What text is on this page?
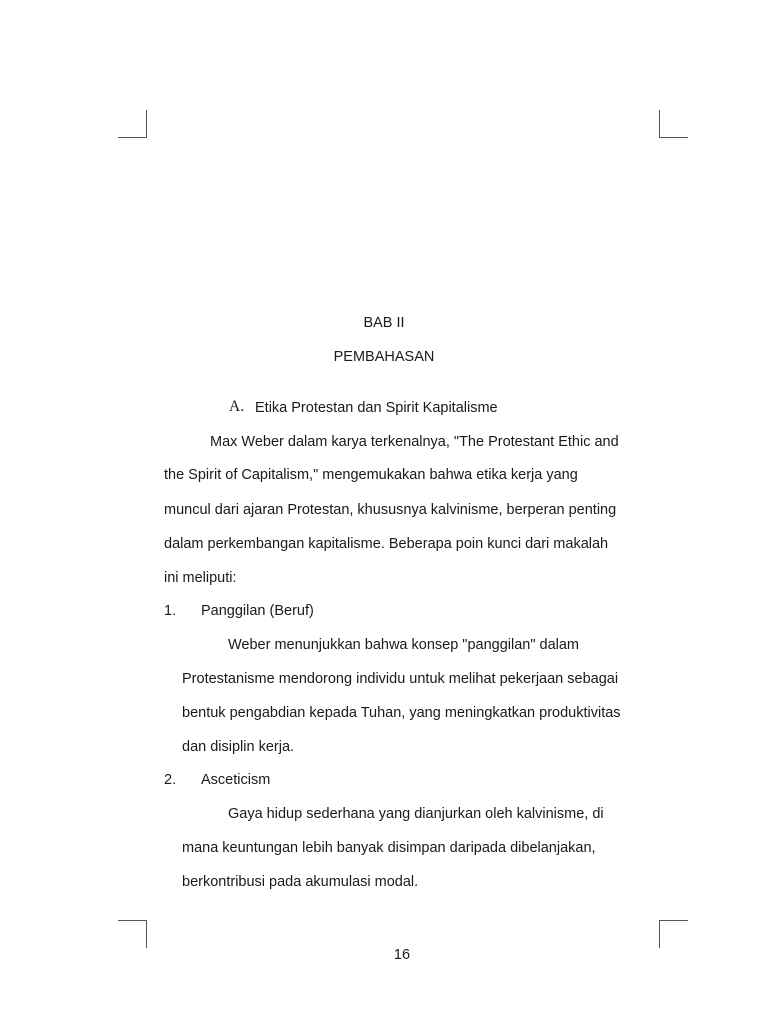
BAB II
PEMBAHASAN
A. Etika Protestan dan Spirit Kapitalisme
Max Weber dalam karya terkenalnya, "The Protestant Ethic and
the Spirit of Capitalism," mengemukakan bahwa etika kerja yang
muncul dari ajaran Protestan, khususnya kalvinisme, berperan penting
dalam perkembangan kapitalisme. Beberapa poin kunci dari makalah
ini meliputi:
1. Panggilan (Beruf)
Weber menunjukkan bahwa konsep "panggilan" dalam
Protestanisme mendorong individu untuk melihat pekerjaan sebagai
bentuk pengabdian kepada Tuhan, yang meningkatkan produktivitas
dan disiplin kerja.
2. Asceticism
Gaya hidup sederhana yang dianjurkan oleh kalvinisme, di
mana keuntungan lebih banyak disimpan daripada dibelanjakan,
berkontribusi pada akumulasi modal.
16
